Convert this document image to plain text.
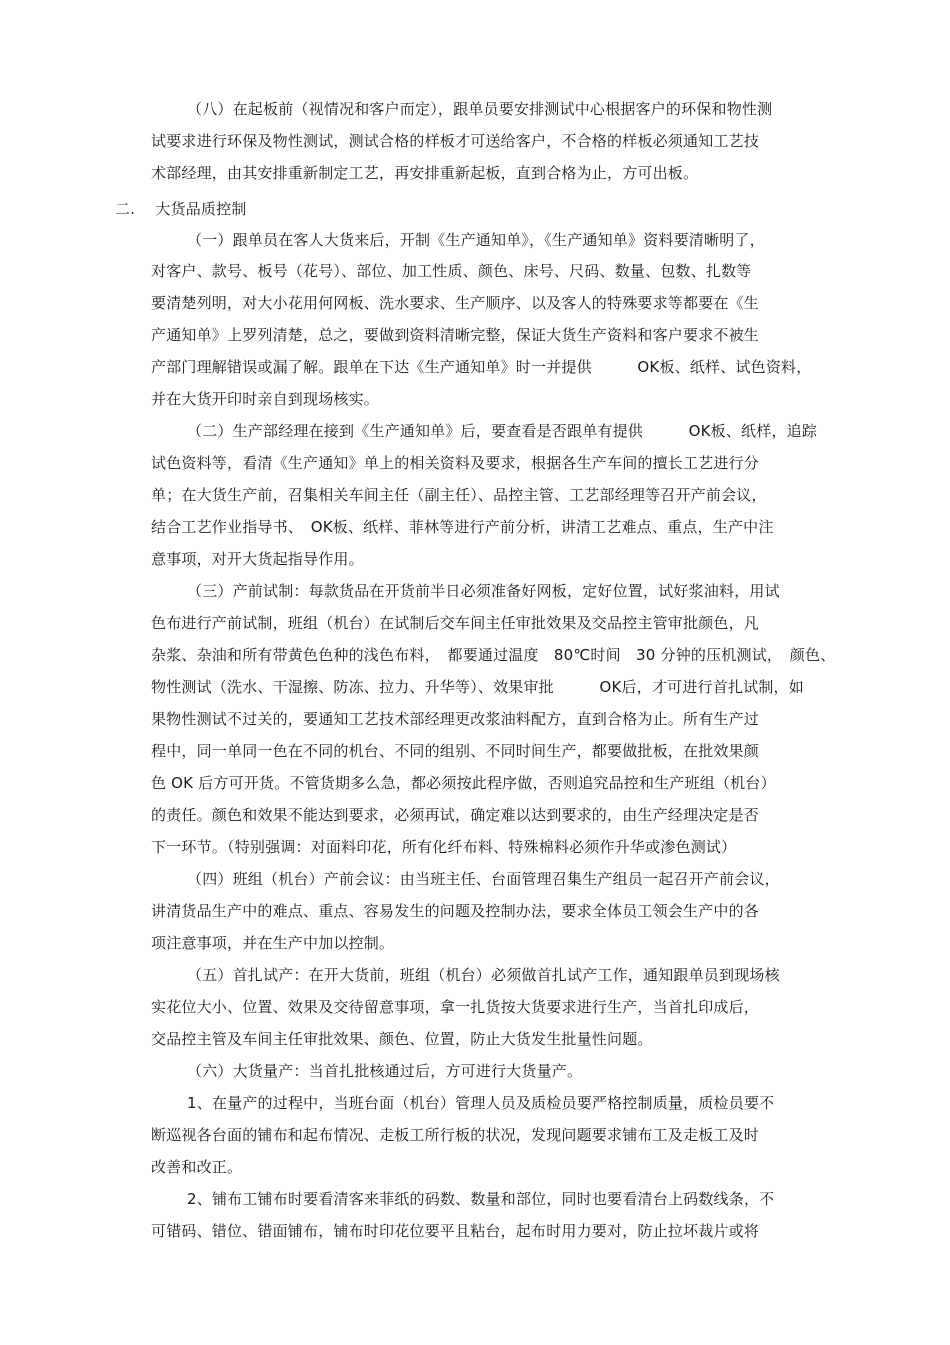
（八）在起板前（视情况和客户而定），跟单员要安排测试中心根据客户的环保和物性测
试要求进行环保及物性测试，测试合格的样板才可送给客户，不合格的样板必须通知工艺技
术部经理，由其安排重新制定工艺，再安排重新起板，直到合格为止，方可出板。
二.　 大货品质控制
（一）跟单员在客人大货来后，开制《生产通知单》，《生产通知单》资料要清晰明了，
对客户、款号、板号（花号）、部位、加工性质、颜色、床号、尺码、数量、包数、扎数等
要清楚列明，对大小花用何网板、洗水要求、生产顺序、以及客人的特殊要求等都要在《生
产通知单》上罗列清楚，总之，要做到资料清晰完整，保证大货生产资料和客户要求不被生
产部门理解错误或漏了解。跟单在下达《生产通知单》时一并提供　　　OK板、纸样、试色资料，
并在大货开印时亲自到现场核实。
（二）生产部经理在接到《生产通知单》后，要查看是否跟单有提供　　　OK板、纸样，追踪
试色资料等，看清《生产通知》单上的相关资料及要求，根据各生产车间的擅长工艺进行分
单；在大货生产前，召集相关车间主任（副主任）、品控主管、工艺部经理等召开产前会议，
结合工艺作业指导书、　OK板、纸样、菲林等进行产前分析，讲清工艺难点、重点，生产中注
意事项，对开大货起指导作用。
（三）产前试制：每款货品在开货前半日必须准备好网板，定好位置，试好浆油料，用试
色布进行产前试制，班组（机台）在试制后交车间主任审批效果及交品控主管审批颜色，凡
杂浆、杂油和所有带黄色色种的浅色布料，　都要通过温度　80℃时间　30 分钟的压机测试，　颜色、
物性测试（洗水、干湿擦、防冻、拉力、升华等）、效果审批　　　OK后，才可进行首扎试制，如
果物性测试不过关的，要通知工艺技术部经理更改浆油料配方，直到合格为止。所有生产过
程中，同一单同一色在不同的机台、不同的组别、不同时间生产，都要做批板，在批效果颜
色 OK 后方可开货。不管货期多么急，都必须按此程序做，否则追究品控和生产班组（机台）
的责任。颜色和效果不能达到要求，必须再试，确定难以达到要求的，由生产经理决定是否
下一环节。（特别强调：对面料印花，所有化纤布料、特殊棉料必须作升华或渗色测试）
（四）班组（机台）产前会议：由当班主任、台面管理召集生产组员一起召开产前会议，
讲清货品生产中的难点、重点、容易发生的问题及控制办法，要求全体员工领会生产中的各
项注意事项，并在生产中加以控制。
（五）首扎试产：在开大货前，班组（机台）必须做首扎试产工作，通知跟单员到现场核
实花位大小、位置、效果及交待留意事项，拿一扎货按大货要求进行生产，当首扎印成后，
交品控主管及车间主任审批效果、颜色、位置，防止大货发生批量性问题。
（六）大货量产：当首扎批核通过后，方可进行大货量产。
1、在量产的过程中，当班台面（机台）管理人员及质检员要严格控制质量，质检员要不
断巡视各台面的铺布和起布情况、走板工所行板的状况，发现问题要求铺布工及走板工及时
改善和改正。
2、铺布工铺布时要看清客来菲纸的码数、数量和部位，同时也要看清台上码数线条，不
可错码、错位、错面铺布，铺布时印花位要平且粘台，起布时用力要对，防止拉坏裁片或将
